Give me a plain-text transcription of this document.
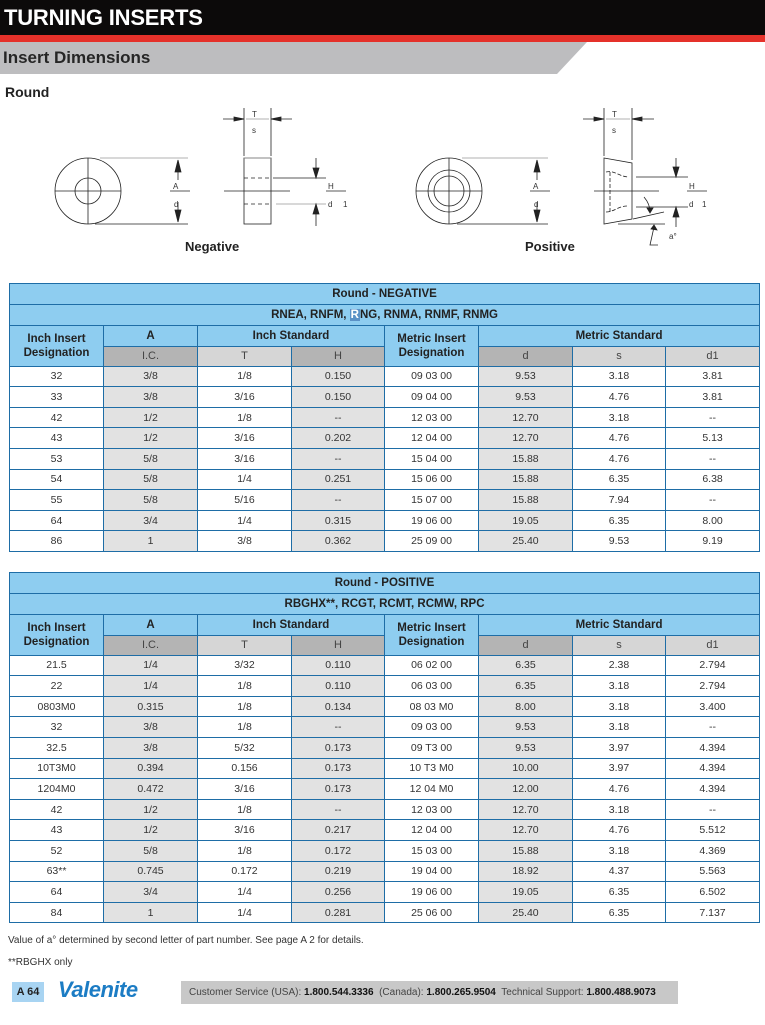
TURNING INSERTS
Insert Dimensions
Round
T
s
A
d
H
d 1
Negative
T
s
A
d
H
d 1
a°
Positive
Round - NEGATIVE							
RNEA, RNFM, RNG, RNMA, RNMF, RNMG							
Inch Insert Designation	A	Inch Standard		Metric Insert Designation	Metric Standard		
	I.C.	T	H		d	s	d1
32	3/8	1/8	0.150	09 03 00	9.53	3.18	3.81
33	3/8	3/16	0.150	09 04 00	9.53	4.76	3.81
42	1/2	1/8	--	12 03 00	12.70	3.18	--
43	1/2	3/16	0.202	12 04 00	12.70	4.76	5.13
53	5/8	3/16	--	15 04 00	15.88	4.76	--
54	5/8	1/4	0.251	15 06 00	15.88	6.35	6.38
55	5/8	5/16	--	15 07 00	15.88	7.94	--
64	3/4	1/4	0.315	19 06 00	19.05	6.35	8.00
86	1	3/8	0.362	25 09 00	25.40	9.53	9.19
Round - POSITIVE							
RBGHX**, RCGT, RCMT, RCMW, RPC							
Inch Insert Designation	A	Inch Standard		Metric Insert Designation	Metric Standard		
	I.C.	T	H		d	s	d1
21.5	1/4	3/32	0.110	06 02 00	6.35	2.38	2.794
22	1/4	1/8	0.110	06 03 00	6.35	3.18	2.794
0803M0	0.315	1/8	0.134	08 03 M0	8.00	3.18	3.400
32	3/8	1/8	--	09 03 00	9.53	3.18	--
32.5	3/8	5/32	0.173	09 T3 00	9.53	3.97	4.394
10T3M0	0.394	0.156	0.173	10 T3 M0	10.00	3.97	4.394
1204M0	0.472	3/16	0.173	12 04 M0	12.00	4.76	4.394
42	1/2	1/8	--	12 03 00	12.70	3.18	--
43	1/2	3/16	0.217	12 04 00	12.70	4.76	5.512
52	5/8	1/8	0.172	15 03 00	15.88	3.18	4.369
63**	0.745	0.172	0.219	19 04 00	18.92	4.37	5.563
64	3/4	1/4	0.256	19 06 00	19.05	6.35	6.502
84	1	1/4	0.281	25 06 00	25.40	6.35	7.137
Value of a° determined by second letter of part number. See page A 2 for details.
**RBGHX only
A 64 Valenite	Customer Service (USA): 1.800.544.3336  (Canada): 1.800.265.9504  Technical Support: 1.800.488.9073
